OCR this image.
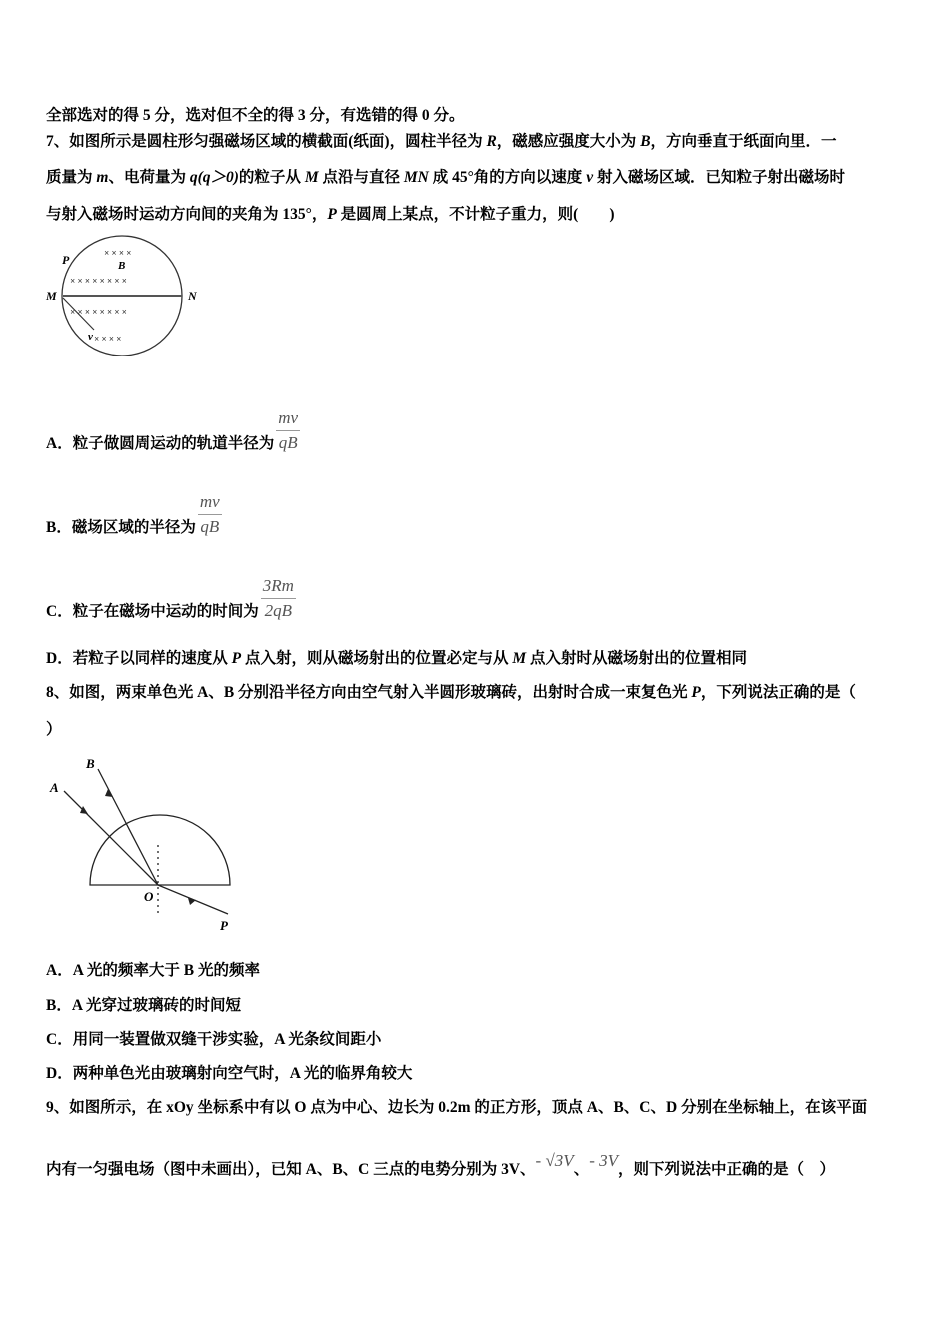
全部选对的得 5 分，选对但不全的得 3 分，有选错的得 0 分。
7、如图所示是圆柱形匀强磁场区域的横截面(纸面)，圆柱半径为 R，磁感应强度大小为 B，方向垂直于纸面向里．一
质量为 m、电荷量为 q(q＞0)的粒子从 M 点沿与直径 MN 成 45°角的方向以速度 v 射入磁场区域．已知粒子射出磁场时
与射入磁场时运动方向间的夹角为 135°，P 是圆周上某点，不计粒子重力，则(　　)
× × × ×
× × × × × × × ×
× × × × × × × ×
× × × ×
M	N
P	B
v
A．粒子做圆周运动的轨道半径为 $\frac{mv}{qB}$
B．磁场区域的半径为 $\frac{mv}{qB}$
C．粒子在磁场中运动的时间为 $\frac{3Rm}{2qB}$
D．若粒子以同样的速度从 P 点入射，则从磁场射出的位置必定与从 M 点入射时从磁场射出的位置相同
8、如图，两束单色光 A、B 分别沿半径方向由空气射入半圆形玻璃砖，出射时合成一束复色光 P，下列说法正确的是（
）
A
B
O
P
A．A 光的频率大于 B 光的频率
B．A 光穿过玻璃砖的时间短
C．用同一装置做双缝干涉实验，A 光条纹间距小
D．两种单色光由玻璃射向空气时，A 光的临界角较大
9、如图所示，在 xOy 坐标系中有以 O 点为中心、边长为 0.2m 的正方形，顶点 A、B、C、D 分别在坐标轴上，在该平面
内有一匀强电场（图中未画出），已知 A、B、C 三点的电势分别为 3V、- √3V、- 3V，则下列说法中正确的是（　）
